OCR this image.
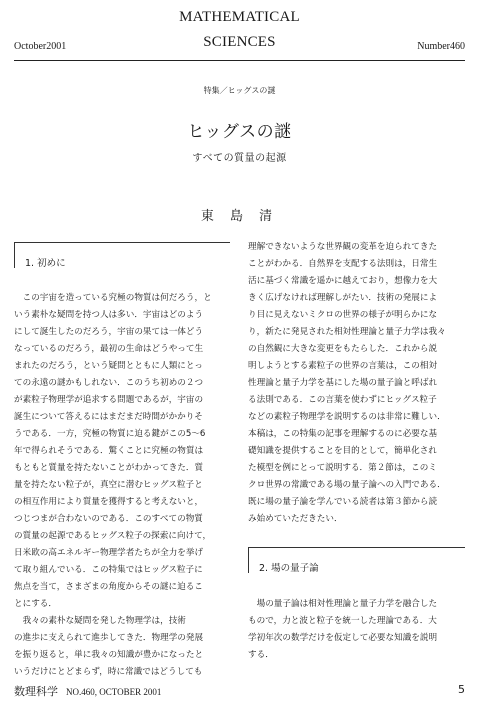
MATHEMATICAL
SCIENCES
October2001	Number460
特集／ヒッグスの謎
ヒッグスの謎
すべての質量の起源
東 島 清
1. 初めに
　この宇宙を造っている究極の物質は何だろう，と
いう素朴な疑問を持つ人は多い．宇宙はどのよう
にして誕生したのだろう，宇宙の果ては一体どう
なっているのだろう，最初の生命はどうやって生
まれたのだろう，という疑問とともに人類にとっ
ての永遠の謎かもしれない．このうち初めの２つ
が素粒子物理学が追求する問題であるが，宇宙の
誕生について答えるにはまだまだ時間がかかりそ
うである．一方，究極の物質に迫る鍵がこの5〜6
年で得られそうである．驚くことに究極の物質は
もともと質量を持たないことがわかってきた．質
量を持たない粒子が，真空に潜むヒッグス粒子と
の相互作用により質量を獲得すると考えないと，
つじつまが合わないのである．このすべての物質
の質量の起源であるヒッグス粒子の探索に向けて，
日米欧の高エネルギー物理学者たちが全力を挙げ
て取り組んでいる．この特集ではヒッグス粒子に
焦点を当て，さまざまの角度からその謎に迫るこ
とにする．
　我々の素朴な疑問を発した物理学は，技術
の進歩に支えられて進歩してきた．物理学の発展
を振り返ると，単に我々の知識が豊かになったと
いうだけにとどまらず，時に常識ではどうしても
理解できないような世界観の変革を迫られてきた
ことがわかる．自然界を支配する法則は，日常生
活に基づく常識を遥かに越えており，想像力を大
きく広げなければ理解しがたい．技術の発展によ
り目に見えないミクロの世界の様子が明らかにな
り，新たに発見された相対性理論と量子力学は我々
の自然観に大きな変更をもたらした．これから説
明しようとする素粒子の世界の言葉は，この相対
性理論と量子力学を基にした場の量子論と呼ばれ
る法則である．この言葉を使わずにヒッグス粒子
などの素粒子物理学を説明するのは非常に難しい．
本稿は，この特集の記事を理解するのに必要な基
礎知識を提供することを目的として，簡単化され
た模型を例にとって説明する．第２節は，このミ
クロ世界の常識である場の量子論への入門である．
既に場の量子論を学んでいる読者は第３節から読
み始めていただきたい．
2. 場の量子論
　場の量子論は相対性理論と量子力学を融合した
もので，力と波と粒子を統一した理論である．大
学初年次の数学だけを仮定して必要な知識を説明
する．
数理科学 NO.460, OCTOBER 2001	5
